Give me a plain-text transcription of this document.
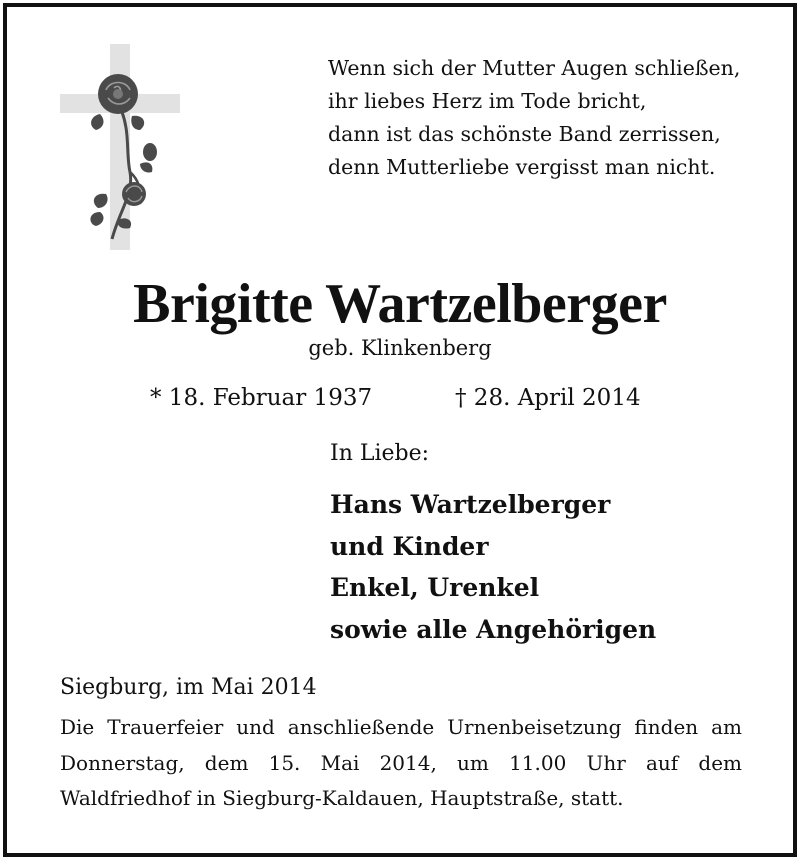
Wenn sich der Mutter Augen schließen,
ihr liebes Herz im Tode bricht,
dann ist das schönste Band zerrissen,
denn Mutterliebe vergisst man nicht.
Brigitte Wartzelberger
geb. Klinkenberg
* 18. Februar 1937	† 28. April 2014
In Liebe:
Hans Wartzelberger
und Kinder
Enkel, Urenkel
sowie alle Angehörigen
Siegburg, im Mai 2014
Die Trauerfeier und anschließende Urnenbeisetzung finden am Donnerstag, dem 15. Mai 2014, um 11.00 Uhr auf dem Waldfriedhof in Siegburg-Kaldauen, Hauptstraße, statt.
